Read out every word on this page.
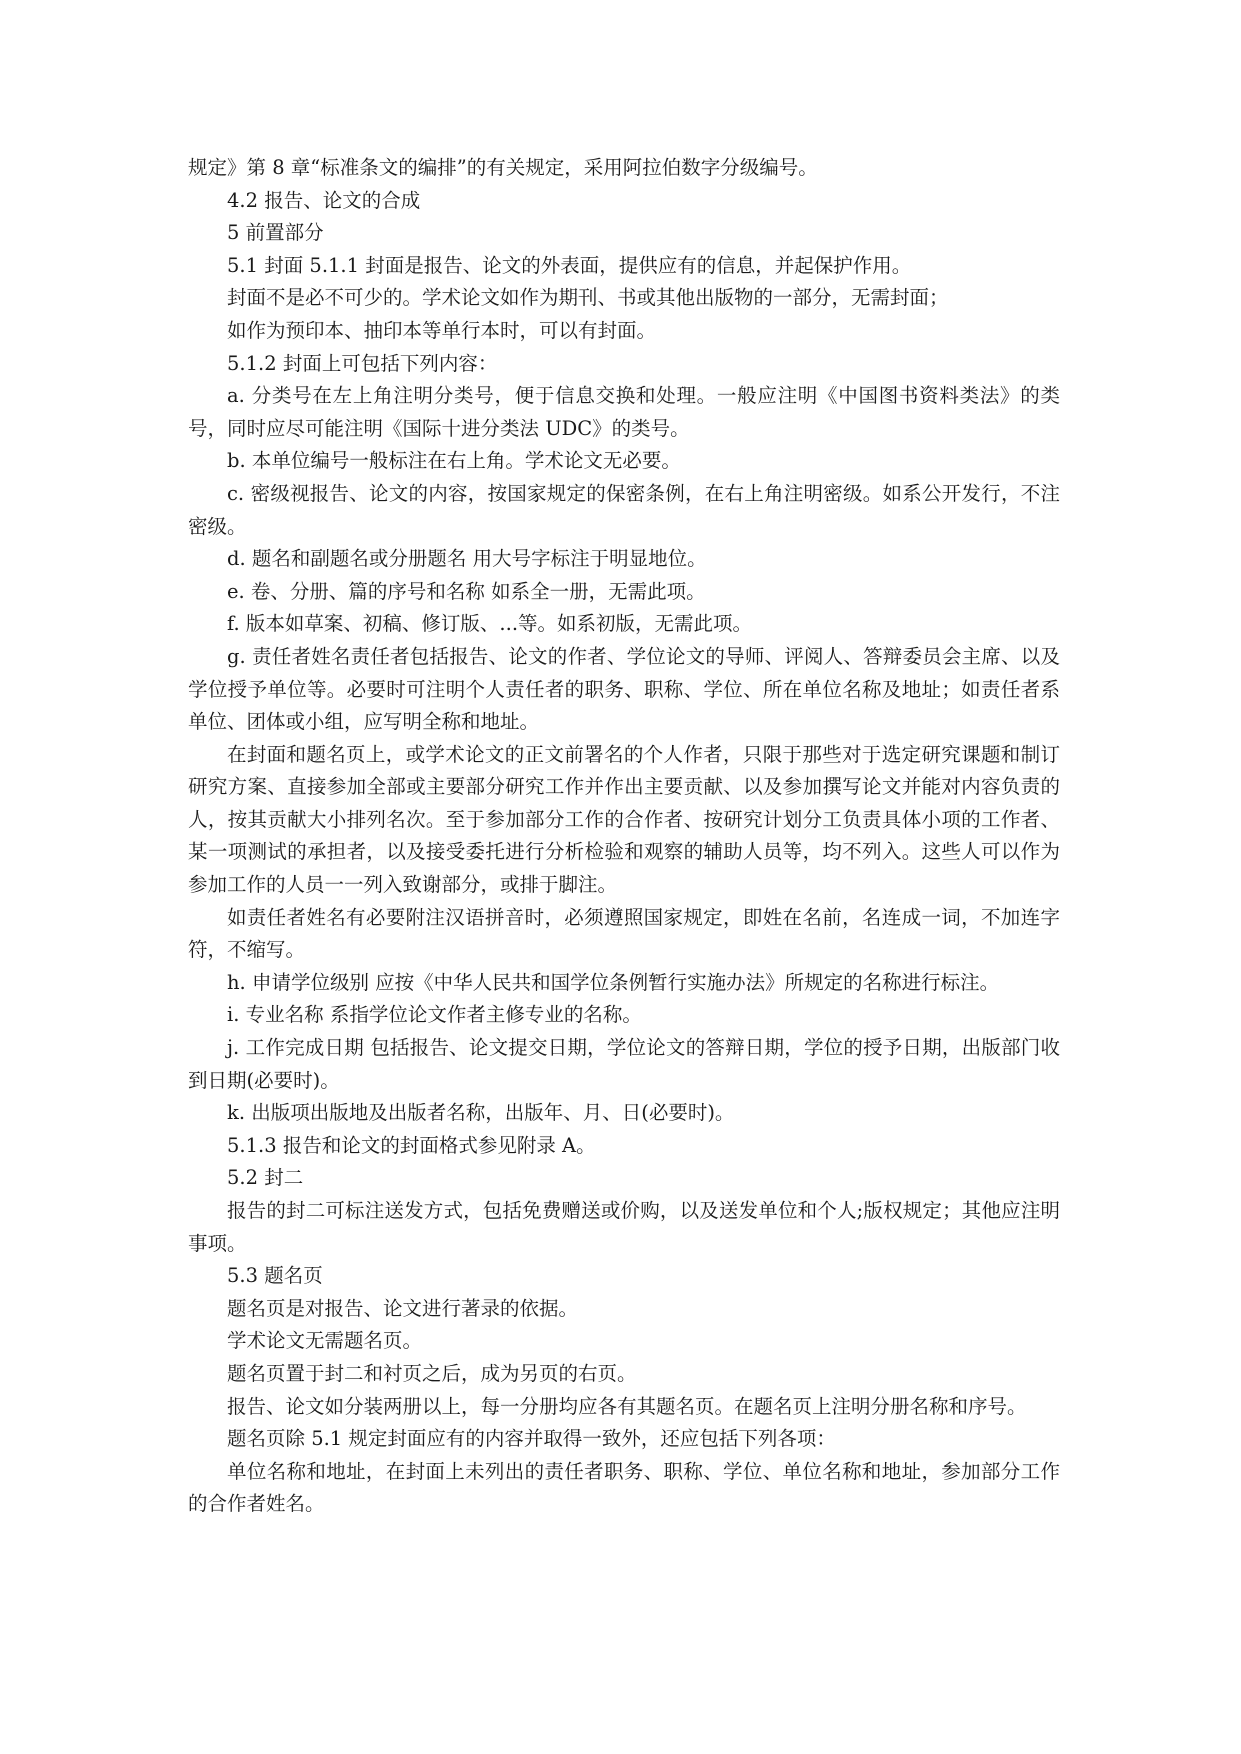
规定》第 8 章“标准条文的编排”的有关规定，采用阿拉伯数字分级编号。

4.2 报告、论文的合成

5 前置部分

5.1 封面 5.1.1 封面是报告、论文的外表面，提供应有的信息，并起保护作用。

封面不是必不可少的。学术论文如作为期刊、书或其他出版物的一部分，无需封面；

如作为预印本、抽印本等单行本时，可以有封面。

5.1.2 封面上可包括下列内容：

a. 分类号在左上角注明分类号，便于信息交换和处理。一般应注明《中国图书资料类法》的类号，同时应尽可能注明《国际十进分类法 UDC》的类号。

b. 本单位编号一般标注在右上角。学术论文无必要。

c. 密级视报告、论文的内容，按国家规定的保密条例，在右上角注明密级。如系公开发行，不注密级。

d. 题名和副题名或分册题名 用大号字标注于明显地位。

e. 卷、分册、篇的序号和名称 如系全一册，无需此项。

f. 版本如草案、初稿、修订版、...等。如系初版，无需此项。

g. 责任者姓名责任者包括报告、论文的作者、学位论文的导师、评阅人、答辩委员会主席、以及学位授予单位等。必要时可注明个人责任者的职务、职称、学位、所在单位名称及地址；如责任者系单位、团体或小组，应写明全称和地址。

在封面和题名页上，或学术论文的正文前署名的个人作者，只限于那些对于选定研究课题和制订研究方案、直接参加全部或主要部分研究工作并作出主要贡献、以及参加撰写论文并能对内容负责的人，按其贡献大小排列名次。至于参加部分工作的合作者、按研究计划分工负责具体小项的工作者、某一项测试的承担者，以及接受委托进行分析检验和观察的辅助人员等，均不列入。这些人可以作为参加工作的人员一一列入致谢部分，或排于脚注。

如责任者姓名有必要附注汉语拼音时，必须遵照国家规定，即姓在名前，名连成一词，不加连字符，不缩写。

h. 申请学位级别 应按《中华人民共和国学位条例暂行实施办法》所规定的名称进行标注。

i. 专业名称 系指学位论文作者主修专业的名称。

j. 工作完成日期 包括报告、论文提交日期，学位论文的答辩日期，学位的授予日期，出版部门收到日期(必要时)。

k. 出版项出版地及出版者名称，出版年、月、日(必要时)。

5.1.3 报告和论文的封面格式参见附录 A。

5.2 封二

报告的封二可标注送发方式，包括免费赠送或价购，以及送发单位和个人;版权规定；其他应注明事项。

5.3 题名页

题名页是对报告、论文进行著录的依据。

学术论文无需题名页。

题名页置于封二和衬页之后，成为另页的右页。

报告、论文如分装两册以上，每一分册均应各有其题名页。在题名页上注明分册名称和序号。

题名页除 5.1 规定封面应有的内容并取得一致外，还应包括下列各项：

单位名称和地址，在封面上未列出的责任者职务、职称、学位、单位名称和地址，参加部分工作的合作者姓名。
